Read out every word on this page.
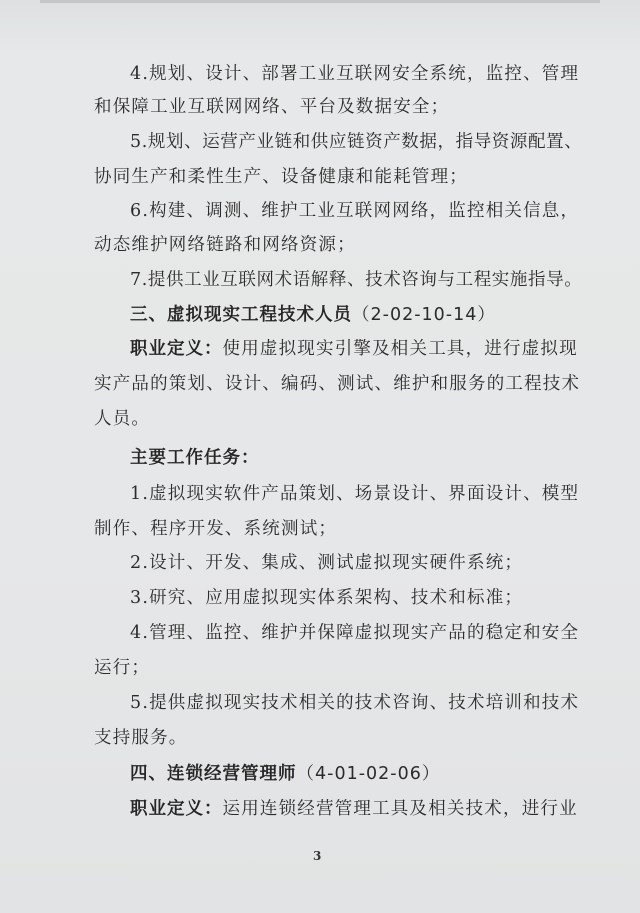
4.规划、设计、部署工业互联网安全系统，监控、管理
和保障工业互联网网络、平台及数据安全；
5.规划、运营产业链和供应链资产数据，指导资源配置、
协同生产和柔性生产、设备健康和能耗管理；
6.构建、调测、维护工业互联网网络，监控相关信息，
动态维护网络链路和网络资源；
7.提供工业互联网术语解释、技术咨询与工程实施指导。
三、虚拟现实工程技术人员（2-02-10-14）
职业定义：使用虚拟现实引擎及相关工具，进行虚拟现
实产品的策划、设计、编码、测试、维护和服务的工程技术
人员。
主要工作任务：
1.虚拟现实软件产品策划、场景设计、界面设计、模型
制作、程序开发、系统测试；
2.设计、开发、集成、测试虚拟现实硬件系统；
3.研究、应用虚拟现实体系架构、技术和标准；
4.管理、监控、维护并保障虚拟现实产品的稳定和安全
运行；
5.提供虚拟现实技术相关的技术咨询、技术培训和技术
支持服务。
四、连锁经营管理师（4-01-02-06）
职业定义：运用连锁经营管理工具及相关技术，进行业
3
